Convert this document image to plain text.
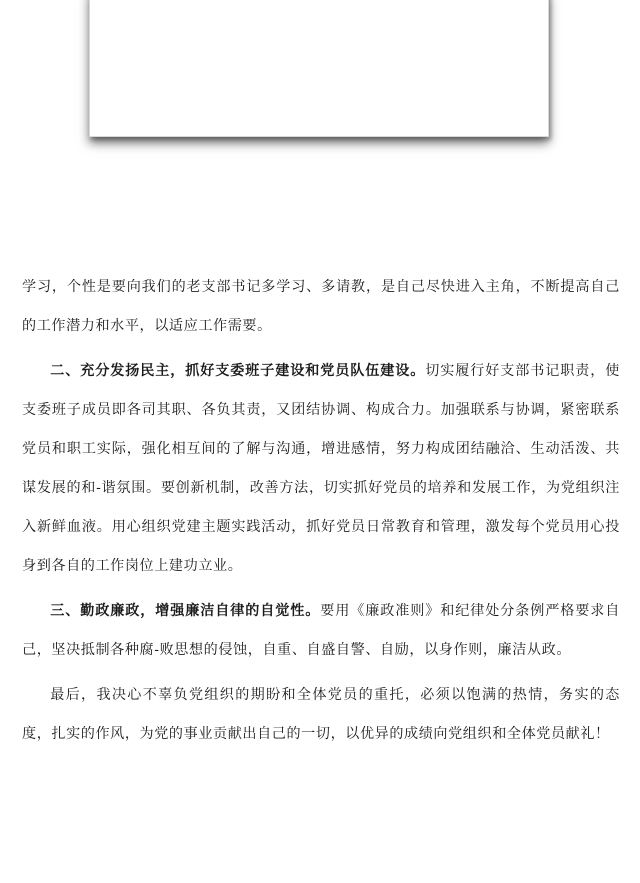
学习，个性是要向我们的老支部书记多学习、多请教，是自己尽快进入主角，不断提高自己的工作潜力和水平，以适应工作需要。

二、充分发扬民主，抓好支委班子建设和党员队伍建设。切实履行好支部书记职责，使支委班子成员即各司其职、各负其责，又团结协调、构成合力。加强联系与协调，紧密联系党员和职工实际，强化相互间的了解与沟通，增进感情，努力构成团结融洽、生动活泼、共谋发展的和-谐氛围。要创新机制，改善方法，切实抓好党员的培养和发展工作，为党组织注入新鲜血液。用心组织党建主题实践活动，抓好党员日常教育和管理，激发每个党员用心投身到各自的工作岗位上建功立业。

三、勤政廉政，增强廉洁自律的自觉性。要用《廉政准则》和纪律处分条例严格要求自己，坚决抵制各种腐-败思想的侵蚀，自重、自盛自警、自励，以身作则，廉洁从政。

最后，我决心不辜负党组织的期盼和全体党员的重托，必须以饱满的热情，务实的态度，扎实的作风，为党的事业贡献出自己的一切，以优异的成绩向党组织和全体党员献礼！
